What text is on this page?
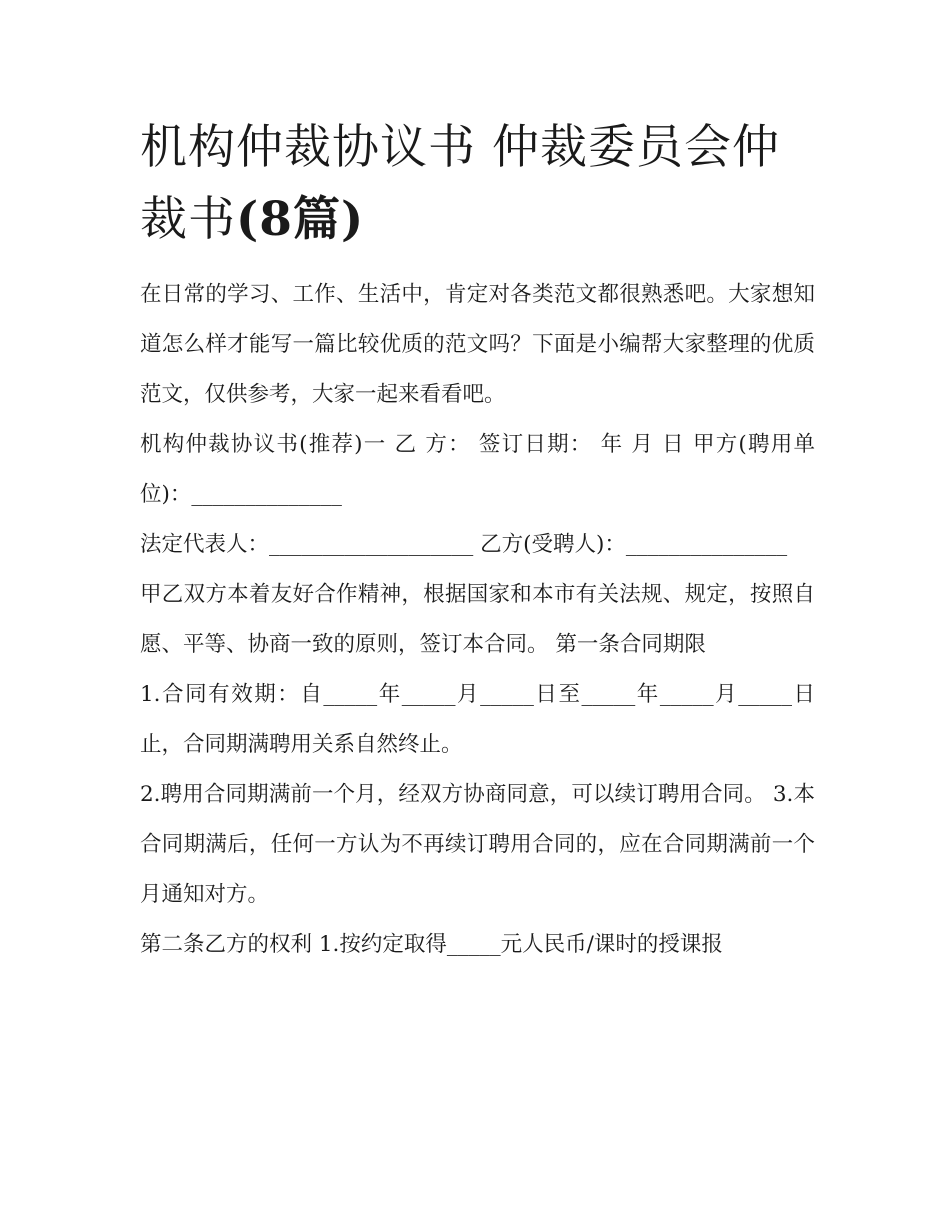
机构仲裁协议书 仲裁委员会仲裁书(8篇)

在日常的学习、工作、生活中，肯定对各类范文都很熟悉吧。大家想知道怎么样才能写一篇比较优质的范文吗？下面是小编帮大家整理的优质范文，仅供参考，大家一起来看看吧。

机构仲裁协议书(推荐)一 乙 方： 签订日期： 年 月 日 甲方(聘用单位)：______________

法定代表人：___________________ 乙方(受聘人)：_______________

甲乙双方本着友好合作精神，根据国家和本市有关法规、规定，按照自愿、平等、协商一致的原则，签订本合同。 第一条合同期限

1.合同有效期：自_____年_____月_____日至_____年_____月_____日止，合同期满聘用关系自然终止。

2.聘用合同期满前一个月，经双方协商同意，可以续订聘用合同。 3.本合同期满后，任何一方认为不再续订聘用合同的，应在合同期满前一个月通知对方。

第二条乙方的权利 1.按约定取得_____元人民币/课时的授课报
